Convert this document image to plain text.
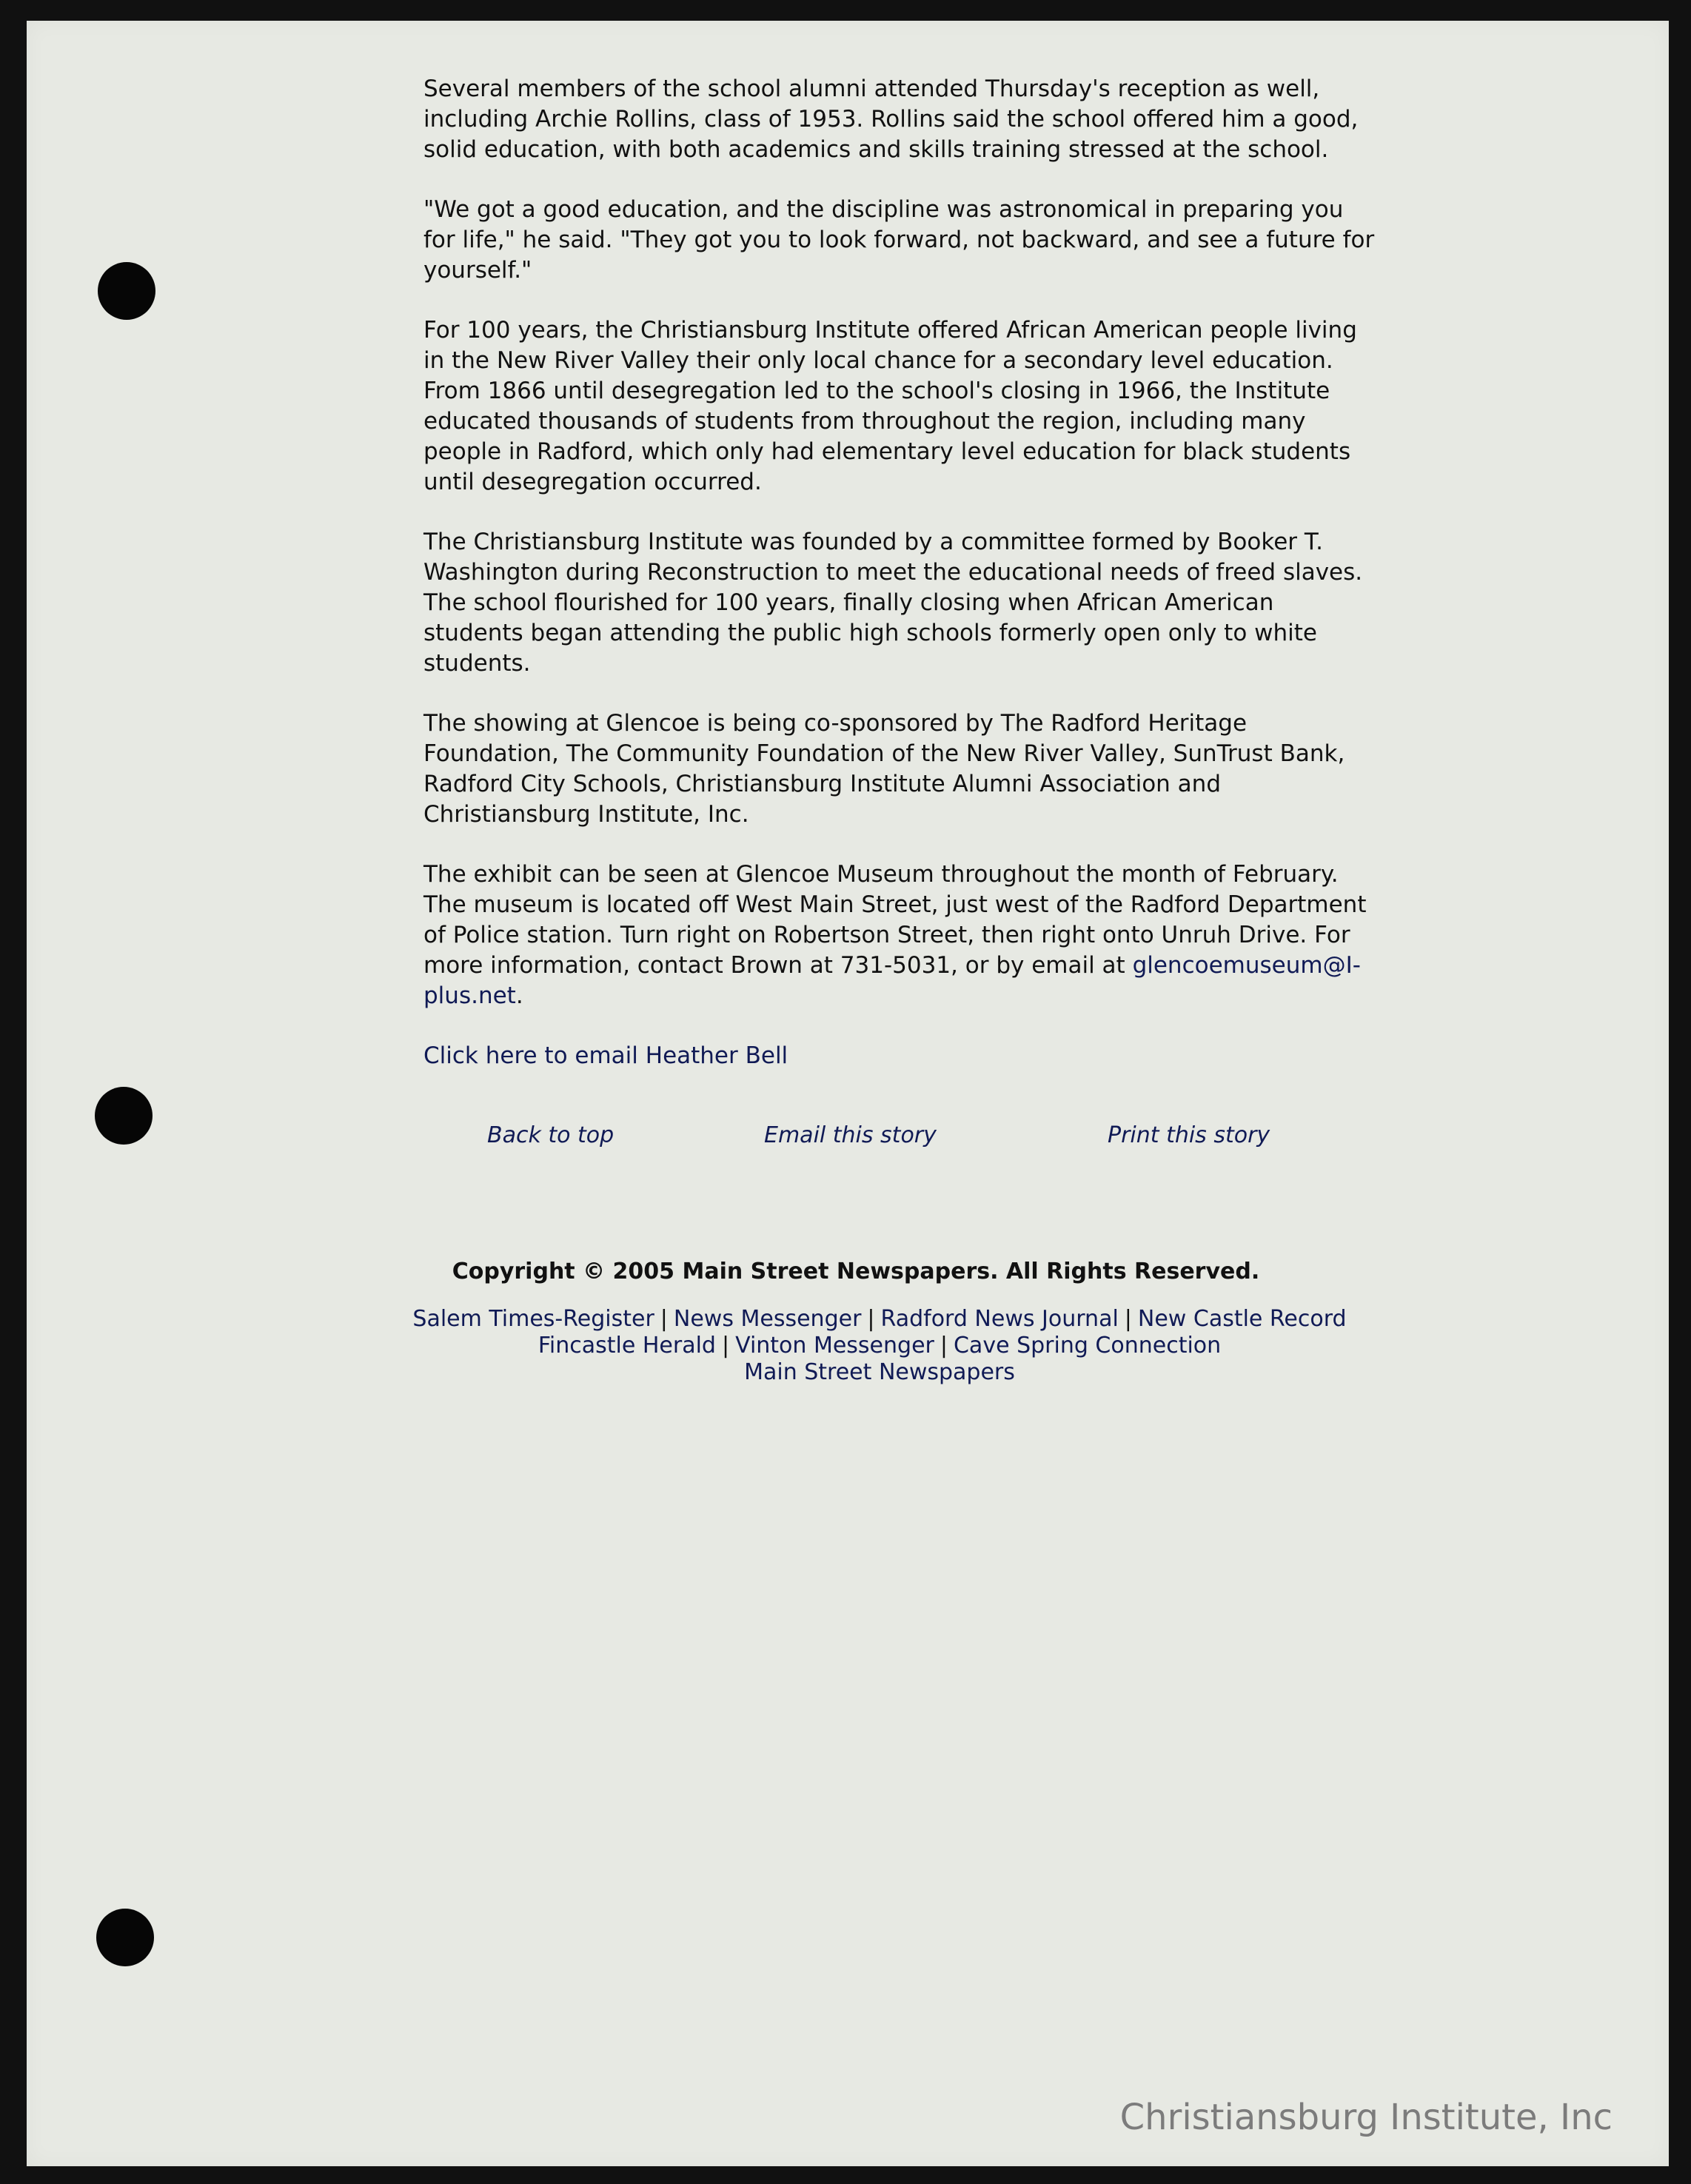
Several members of the school alumni attended Thursday's reception as well, including Archie Rollins, class of 1953. Rollins said the school offered him a good, solid education, with both academics and skills training stressed at the school.

"We got a good education, and the discipline was astronomical in preparing you for life," he said. "They got you to look forward, not backward, and see a future for yourself."

For 100 years, the Christiansburg Institute offered African American people living in the New River Valley their only local chance for a secondary level education. From 1866 until desegregation led to the school's closing in 1966, the Institute educated thousands of students from throughout the region, including many people in Radford, which only had elementary level education for black students until desegregation occurred.

The Christiansburg Institute was founded by a committee formed by Booker T. Washington during Reconstruction to meet the educational needs of freed slaves. The school flourished for 100 years, finally closing when African American students began attending the public high schools formerly open only to white students.

The showing at Glencoe is being co-sponsored by The Radford Heritage Foundation, The Community Foundation of the New River Valley, SunTrust Bank, Radford City Schools, Christiansburg Institute Alumni Association and Christiansburg Institute, Inc.

The exhibit can be seen at Glencoe Museum throughout the month of February. The museum is located off West Main Street, just west of the Radford Department of Police station. Turn right on Robertson Street, then right onto Unruh Drive. For more information, contact Brown at 731-5031, or by email at glencoemuseum@I-plus.net.

Click here to email Heather Bell

Back to top	Email this story	Print this story
Copyright © 2005 Main Street Newspapers. All Rights Reserved.
Salem Times-Register | News Messenger | Radford News Journal | New Castle Record
Fincastle Herald | Vinton Messenger | Cave Spring Connection
Main Street Newspapers
Christiansburg Institute, Inc
